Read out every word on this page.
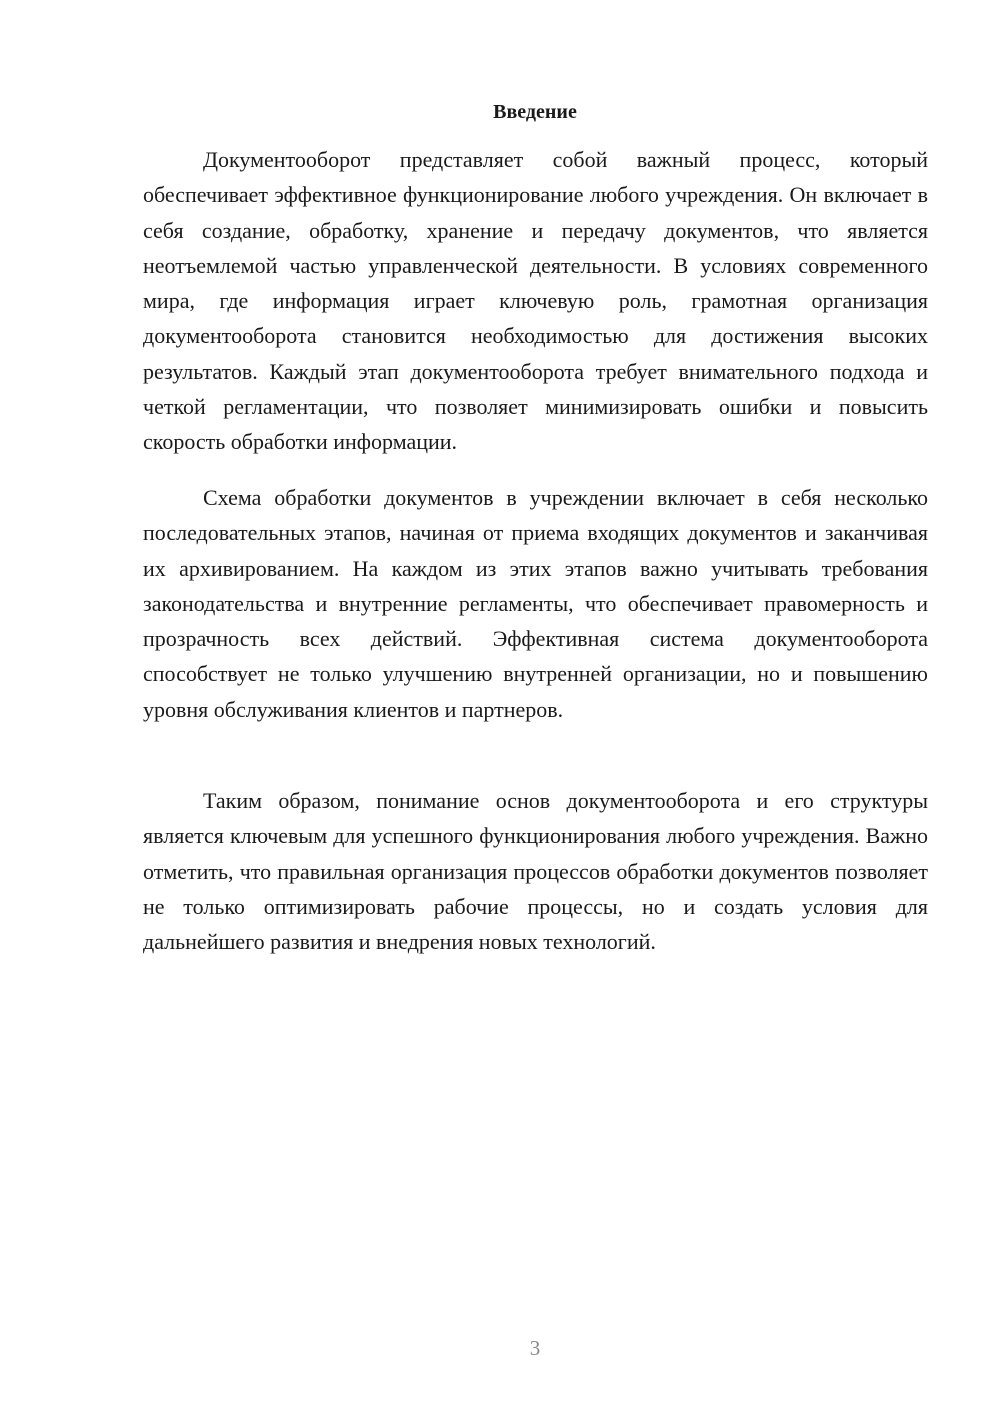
Введение

Документооборот представляет собой важный процесс, который обеспечивает эффективное функционирование любого учреждения. Он включает в себя создание, обработку, хранение и передачу документов, что является неотъемлемой частью управленческой деятельности. В условиях современного мира, где информация играет ключевую роль, грамотная организация документооборота становится необходимостью для достижения высоких результатов. Каждый этап документооборота требует внимательного подхода и четкой регламентации, что позволяет минимизировать ошибки и повысить скорость обработки информации.

Схема обработки документов в учреждении включает в себя несколько последовательных этапов, начиная от приема входящих документов и заканчивая их архивированием. На каждом из этих этапов важно учитывать требования законодательства и внутренние регламенты, что обеспечивает правомерность и прозрачность всех действий. Эффективная система документооборота способствует не только улучшению внутренней организации, но и повышению уровня обслуживания клиентов и партнеров.

Таким образом, понимание основ документооборота и его структуры является ключевым для успешного функционирования любого учреждения. Важно отметить, что правильная организация процессов обработки документов позволяет не только оптимизировать рабочие процессы, но и создать условия для дальнейшего развития и внедрения новых технологий.

3
